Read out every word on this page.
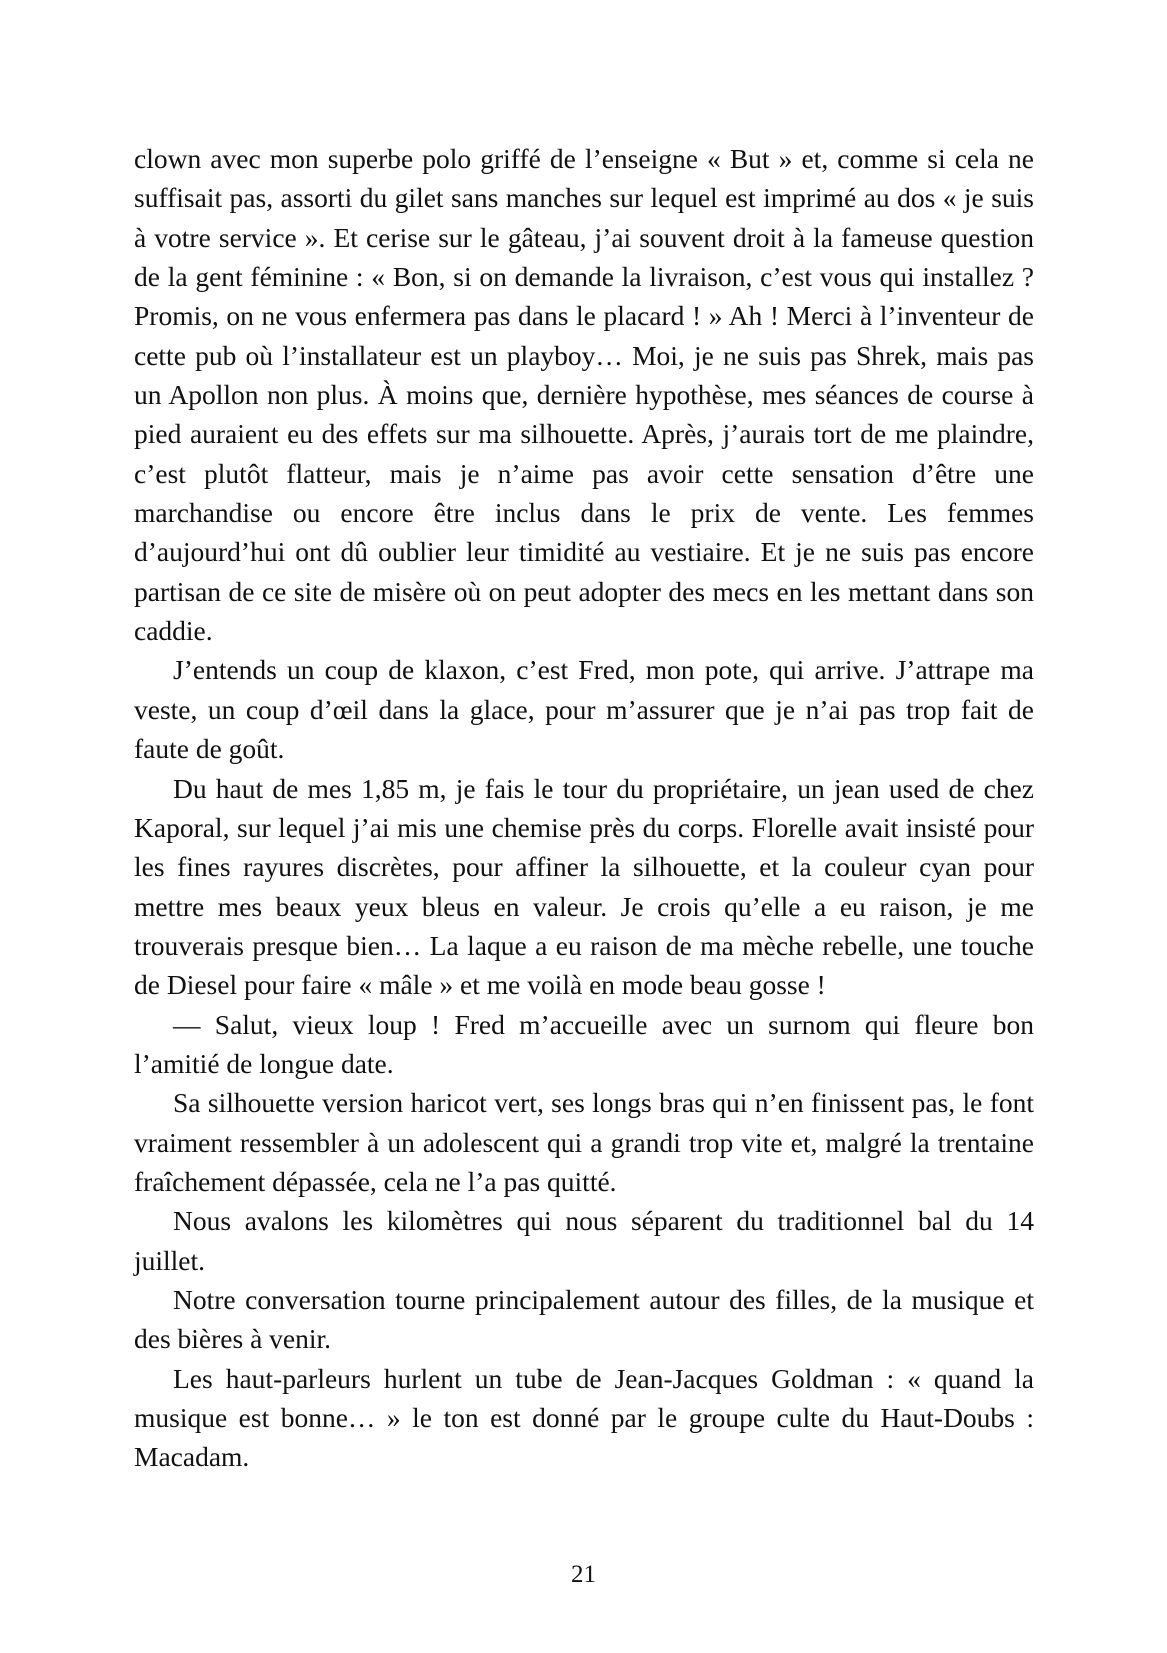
clown avec mon superbe polo griffé de l’enseigne « But » et, comme si cela ne suffisait pas, assorti du gilet sans manches sur lequel est imprimé au dos « je suis à votre service ». Et cerise sur le gâteau, j’ai souvent droit à la fameuse question de la gent féminine : « Bon, si on demande la livraison, c’est vous qui installez ? Promis, on ne vous enfermera pas dans le placard ! » Ah ! Merci à l’inventeur de cette pub où l’installateur est un playboy… Moi, je ne suis pas Shrek, mais pas un Apollon non plus. À moins que, dernière hypothèse, mes séances de course à pied auraient eu des effets sur ma silhouette. Après, j’aurais tort de me plaindre, c’est plutôt flatteur, mais je n’aime pas avoir cette sensation d’être une marchandise ou encore être inclus dans le prix de vente. Les femmes d’aujourd’hui ont dû oublier leur timidité au vestiaire. Et je ne suis pas encore partisan de ce site de misère où on peut adopter des mecs en les mettant dans son caddie.

J’entends un coup de klaxon, c’est Fred, mon pote, qui arrive. J’attrape ma veste, un coup d’œil dans la glace, pour m’assurer que je n’ai pas trop fait de faute de goût.

Du haut de mes 1,85 m, je fais le tour du propriétaire, un jean used de chez Kaporal, sur lequel j’ai mis une chemise près du corps. Florelle avait insisté pour les fines rayures discrètes, pour affiner la silhouette, et la couleur cyan pour mettre mes beaux yeux bleus en valeur. Je crois qu’elle a eu raison, je me trouverais presque bien… La laque a eu raison de ma mèche rebelle, une touche de Diesel pour faire « mâle » et me voilà en mode beau gosse !

— Salut, vieux loup ! Fred m’accueille avec un surnom qui fleure bon l’amitié de longue date.

Sa silhouette version haricot vert, ses longs bras qui n’en finissent pas, le font vraiment ressembler à un adolescent qui a grandi trop vite et, malgré la trentaine fraîchement dépassée, cela ne l’a pas quitté.

Nous avalons les kilomètres qui nous séparent du traditionnel bal du 14 juillet.

Notre conversation tourne principalement autour des filles, de la musique et des bières à venir.

Les haut-parleurs hurlent un tube de Jean-Jacques Goldman : « quand la musique est bonne… » le ton est donné par le groupe culte du Haut-Doubs : Macadam.

21
